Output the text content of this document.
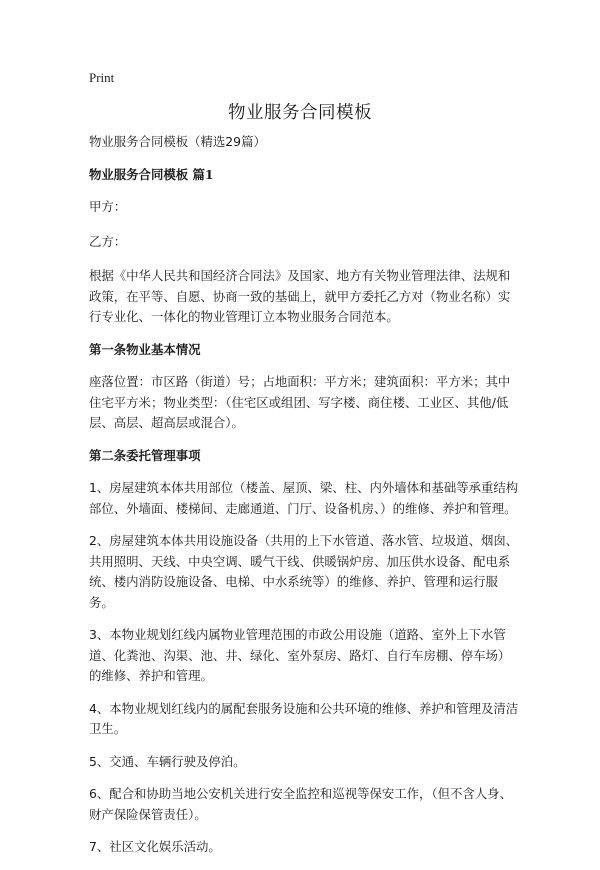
Print
物业服务合同模板

物业服务合同模板（精选29篇）

物业服务合同模板 篇1

甲方：

乙方：

根据《中华人民共和国经济合同法》及国家、地方有关物业管理法律、法规和政策，在平等、自愿、协商一致的基础上，就甲方委托乙方对（物业名称）实行专业化、一体化的物业管理订立本物业服务合同范本。

第一条物业基本情况

座落位置：市区路（街道）号；占地面积：平方米；建筑面积：平方米；其中住宅平方米；物业类型：（住宅区或组团、写字楼、商住楼、工业区、其他/低层、高层、超高层或混合）。

第二条委托管理事项

1、房屋建筑本体共用部位（楼盖、屋顶、梁、柱、内外墙体和基础等承重结构部位、外墙面、楼梯间、走廊通道、门厅、设备机房、）的维修、养护和管理。

2、房屋建筑本体共用设施设备（共用的上下水管道、落水管、垃圾道、烟囱、共用照明、天线、中央空调、暖气干线、供暖锅炉房、加压供水设备、配电系统、楼内消防设施设备、电梯、中水系统等）的维修、养护、管理和运行服务。

3、本物业规划红线内属物业管理范围的市政公用设施（道路、室外上下水管道、化粪池、沟渠、池、井、绿化、室外泵房、路灯、自行车房棚、停车场）的维修、养护和管理。

4、本物业规划红线内的属配套服务设施和公共环境的维修、养护和管理及清洁卫生。

5、交通、车辆行驶及停泊。

6、配合和协助当地公安机关进行安全监控和巡视等保安工作，（但不含人身、财产保险保管责任）。

7、社区文化娱乐活动。
